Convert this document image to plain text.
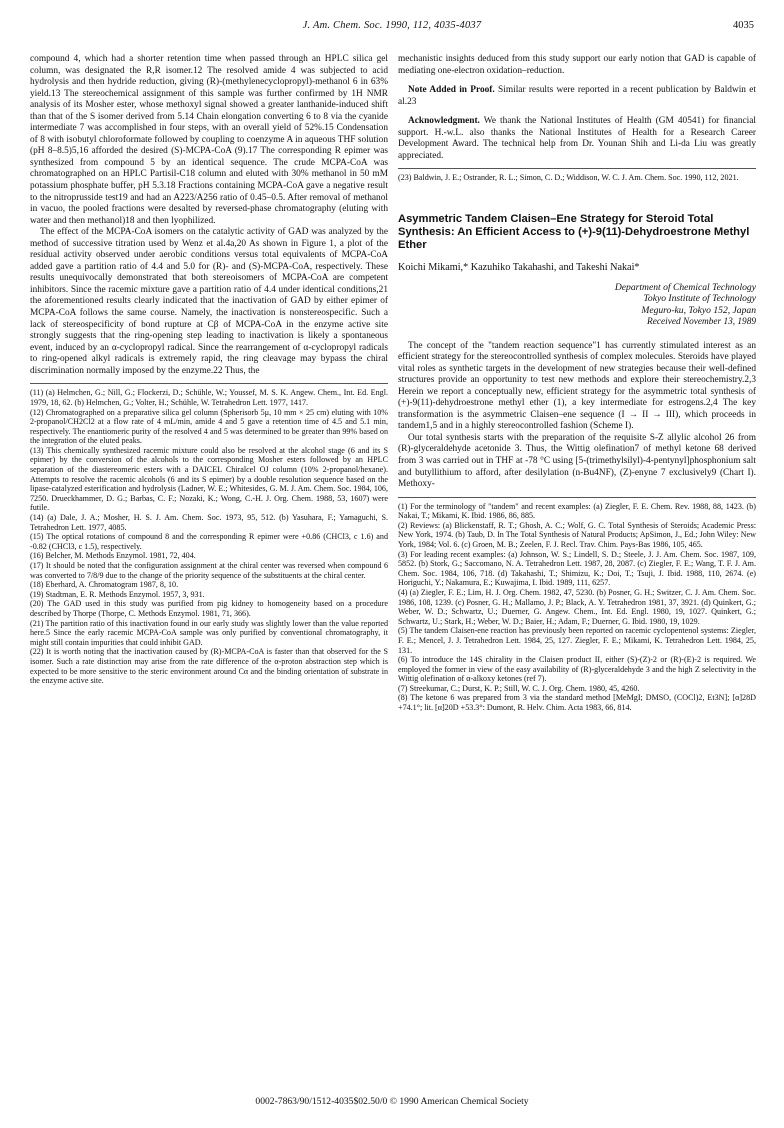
J. Am. Chem. Soc. 1990, 112, 4035-4037	4035

compound 4, which had a shorter retention time when passed through an HPLC silica gel column, was designated the R,R isomer.12 The resolved amide 4 was subjected to acid hydrolysis and then hydride reduction, giving (R)-(methylenecyclopropyl)-methanol 6 in 63% yield.13 The stereochemical assignment of this sample was further confirmed by 1H NMR analysis of its Mosher ester, whose methoxyl signal showed a greater lanthanide-induced shift than that of the S isomer derived from 5.14 Chain elongation converting 6 to 8 via the cyanide intermediate 7 was accomplished in four steps, with an overall yield of 52%.15 Condensation of 8 with isobutyl chloroformate followed by coupling to coenzyme A in aqueous THF solution (pH 8–8.5)5,16 afforded the desired (S)-MCPA-CoA (9).17 The corresponding R epimer was synthesized from compound 5 by an identical sequence. The crude MCPA-CoA was chromatographed on an HPLC Partisil-C18 column and eluted with 30% methanol in 50 mM potassium phosphate buffer, pH 5.3.18 Fractions containing MCPA-CoA gave a negative result to the nitroprusside test19 and had an A223/A256 ratio of 0.45–0.5. After removal of methanol in vacuo, the pooled fractions were desalted by reversed-phase chromatography (eluting with water and then methanol)18 and then lyophilized.

The effect of the MCPA-CoA isomers on the catalytic activity of GAD was analyzed by the method of successive titration used by Wenz et al.4a,20 As shown in Figure 1, a plot of the residual activity observed under aerobic conditions versus total equivalents of MCPA-CoA added gave a partition ratio of 4.4 and 5.0 for (R)- and (S)-MCPA-CoA, respectively. These results unequivocally demonstrated that both stereoisomers of MCPA-CoA are competent inhibitors. Since the racemic mixture gave a partition ratio of 4.4 under identical conditions,21 the aforementioned results clearly indicated that the inactivation of GAD by either epimer of MCPA-CoA follows the same course. Namely, the inactivation is nonstereospecific. Such a lack of stereospecificity of bond rupture at Cβ of MCPA-CoA in the enzyme active site strongly suggests that the ring-opening step leading to inactivation is likely a spontaneous event, induced by an α-cyclopropyl radical. Since the rearrangement of α-cyclopropyl radicals to ring-opened alkyl radicals is extremely rapid, the ring cleavage may bypass the chiral discrimination normally imposed by the enzyme.22 Thus, the

(11) (a) Helmchen, G.; Nill, G.; Flockerzi, D.; Schühle, W.; Youssef, M. S. K. Angew. Chem., Int. Ed. Engl. 1979, 18, 62. (b) Helmchen, G.; Volter, H.; Schühle, W. Tetrahedron Lett. 1977, 1417.

(12) Chromatographed on a preparative silica gel column (Spherisorb 5μ, 10 mm × 25 cm) eluting with 10% 2-propanol/CH2Cl2 at a flow rate of 4 mL/min, amide 4 and 5 gave a retention time of 4.5 and 5.1 min, respectively. The enantiomeric purity of the resolved 4 and 5 was determined to be greater than 99% based on the integration of the eluted peaks.

(13) This chemically synthesized racemic mixture could also be resolved at the alcohol stage (6 and its S epimer) by the conversion of the alcohols to the corresponding Mosher esters followed by an HPLC separation of the diastereomeric esters with a DAICEL Chiralcel OJ column (10% 2-propanol/hexane). Attempts to resolve the racemic alcohols (6 and its S epimer) by a double resolution sequence based on the lipase-catalyzed esterification and hydrolysis (Ladner, W. E.; Whitesides, G. M. J. Am. Chem. Soc. 1984, 106, 7250. Drueckhammer, D. G.; Barbas, C. F.; Nozaki, K.; Wong, C.-H. J. Org. Chem. 1988, 53, 1607) were futile.

(14) (a) Dale, J. A.; Mosher, H. S. J. Am. Chem. Soc. 1973, 95, 512. (b) Yasuhara, F.; Yamaguchi, S. Tetrahedron Lett. 1977, 4085.

(15) The optical rotations of compound 8 and the corresponding R epimer were +0.86 (CHCl3, c 1.6) and -0.82 (CHCl3, c 1.5), respectively.

(16) Belcher, M. Methods Enzymol. 1981, 72, 404.

(17) It should be noted that the configuration assignment at the chiral center was reversed when compound 6 was converted to 7/8/9 due to the change of the priority sequence of the substituents at the chiral center.

(18) Eberhard, A. Chromatogram 1987, 8, 10.

(19) Stadtman, E. R. Methods Enzymol. 1957, 3, 931.

(20) The GAD used in this study was purified from pig kidney to homogeneity based on a procedure described by Thorpe (Thorpe, C. Methods Enzymol. 1981, 71, 366).

(21) The partition ratio of this inactivation found in our early study was slightly lower than the value reported here.5 Since the early racemic MCPA-CoA sample was only purified by conventional chromatography, it might still contain impurities that could inhibit GAD.

(22) It is worth noting that the inactivation caused by (R)-MCPA-CoA is faster than that observed for the S isomer. Such a rate distinction may arise from the rate difference of the α-proton abstraction step which is expected to be more sensitive to the steric environment around Cα and the binding orientation of substrate in the enzyme active site.

mechanistic insights deduced from this study support our early notion that GAD is capable of mediating one-electron oxidation–reduction.

Note Added in Proof. Similar results were reported in a recent publication by Baldwin et al.23

Acknowledgment. We thank the National Institutes of Health (GM 40541) for financial support. H.-w.L. also thanks the National Institutes of Health for a Research Career Development Award. The technical help from Dr. Younan Shih and Li-da Liu was greatly appreciated.

(23) Baldwin, J. E.; Ostrander, R. L.; Simon, C. D.; Widdison, W. C. J. Am. Chem. Soc. 1990, 112, 2021.

Asymmetric Tandem Claisen–Ene Strategy for Steroid Total Synthesis: An Efficient Access to (+)-9(11)-Dehydroestrone Methyl Ether

Koichi Mikami,* Kazuhiko Takahashi, and Takeshi Nakai*

Department of Chemical Technology
Tokyo Institute of Technology
Meguro-ku, Tokyo 152, Japan
Received November 13, 1989

The concept of the "tandem reaction sequence"1 has currently stimulated interest as an efficient strategy for the stereocontrolled synthesis of complex molecules. Steroids have played vital roles as synthetic targets in the development of new strategies because their well-defined structures provide an opportunity to test new methods and explore their stereochemistry.2,3 Herein we report a conceptually new, efficient strategy for the asymmetric total synthesis of (+)-9(11)-dehydroestrone methyl ether (1), a key intermediate for estrogens.2,4 The key transformation is the asymmetric Claisen–ene sequence (I → II → III), which proceeds in tandem1,5 and in a highly stereocontrolled fashion (Scheme I).

Our total synthesis starts with the preparation of the requisite S-Z allylic alcohol 26 from (R)-glyceraldehyde acetonide 3. Thus, the Wittig olefination7 of methyl ketone 68 derived from 3 was carried out in THF at -78 °C using [5-(trimethylsilyl)-4-pentynyl]phosphonium salt and butyllithium to afford, after desilylation (n-Bu4NF), (Z)-enyne 7 exclusively9 (Chart I). Methoxy-

(1) For the terminology of "tandem" and recent examples: (a) Ziegler, F. E. Chem. Rev. 1988, 88, 1423. (b) Nakai, T.; Mikami, K. Ibid. 1986, 86, 885.

(2) Reviews: (a) Blickenstaff, R. T.; Ghosh, A. C.; Wolf, G. C. Total Synthesis of Steroids; Academic Press: New York, 1974. (b) Taub, D. In The Total Synthesis of Natural Products; ApSimon, J., Ed.; John Wiley: New York, 1984; Vol. 6. (c) Groen, M. B.; Zeelen, F. J. Recl. Trav. Chim. Pays-Bas 1986, 105, 465.

(3) For leading recent examples: (a) Johnson, W. S.; Lindell, S. D.; Steele, J. J. Am. Chem. Soc. 1987, 109, 5852. (b) Stork, G.; Saccomano, N. A. Tetrahedron Lett. 1987, 28, 2087. (c) Ziegler, F. E.; Wang, T. F. J. Am. Chem. Soc. 1984, 106, 718. (d) Takahashi, T.; Shimizu, K.; Doi, T.; Tsuji, J. Ibid. 1988, 110, 2674. (e) Horiguchi, Y.; Nakamura, E.; Kuwajima, I. Ibid. 1989, 111, 6257.

(4) (a) Ziegler, F. E.; Lim, H. J. Org. Chem. 1982, 47, 5230. (b) Posner, G. H.; Switzer, C. J. Am. Chem. Soc. 1986, 108, 1239. (c) Posner, G. H.; Mallamo, J. P.; Black, A. Y. Tetrahedron 1981, 37, 3921. (d) Quinkert, G.; Weber, W. D.; Schwartz, U.; Duerner, G. Angew. Chem., Int. Ed. Engl. 1980, 19, 1027. Quinkert, G.; Schwartz, U.; Stark, H.; Weber, W. D.; Baier, H.; Adam, F.; Duerner, G. Ibid. 1980, 19, 1029.

(5) The tandem Claisen-ene reaction has previously been reported on racemic cyclopentenol systems: Ziegler, F. E.; Mencel, J. J. Tetrahedron Lett. 1984, 25, 127. Ziegler, F. E.; Mikami, K. Tetrahedron Lett. 1984, 25, 131.

(6) To introduce the 14S chirality in the Claisen product II, either (S)-(Z)-2 or (R)-(E)-2 is required. We employed the former in view of the easy availability of (R)-glyceraldehyde 3 and the high Z selectivity in the Wittig olefination of α-alkoxy ketones (ref 7).

(7) Streekumar, C.; Durst, K. P.; Still, W. C. J. Org. Chem. 1980, 45, 4260.

(8) The ketone 6 was prepared from 3 via the standard method [MeMgI; DMSO, (COCl)2, Et3N]; [α]28D +74.1°; lit. [α]20D +53.3°: Dumont, R. Helv. Chim. Acta 1983, 66, 814.

0002-7863/90/1512-4035$02.50/0 © 1990 American Chemical Society
